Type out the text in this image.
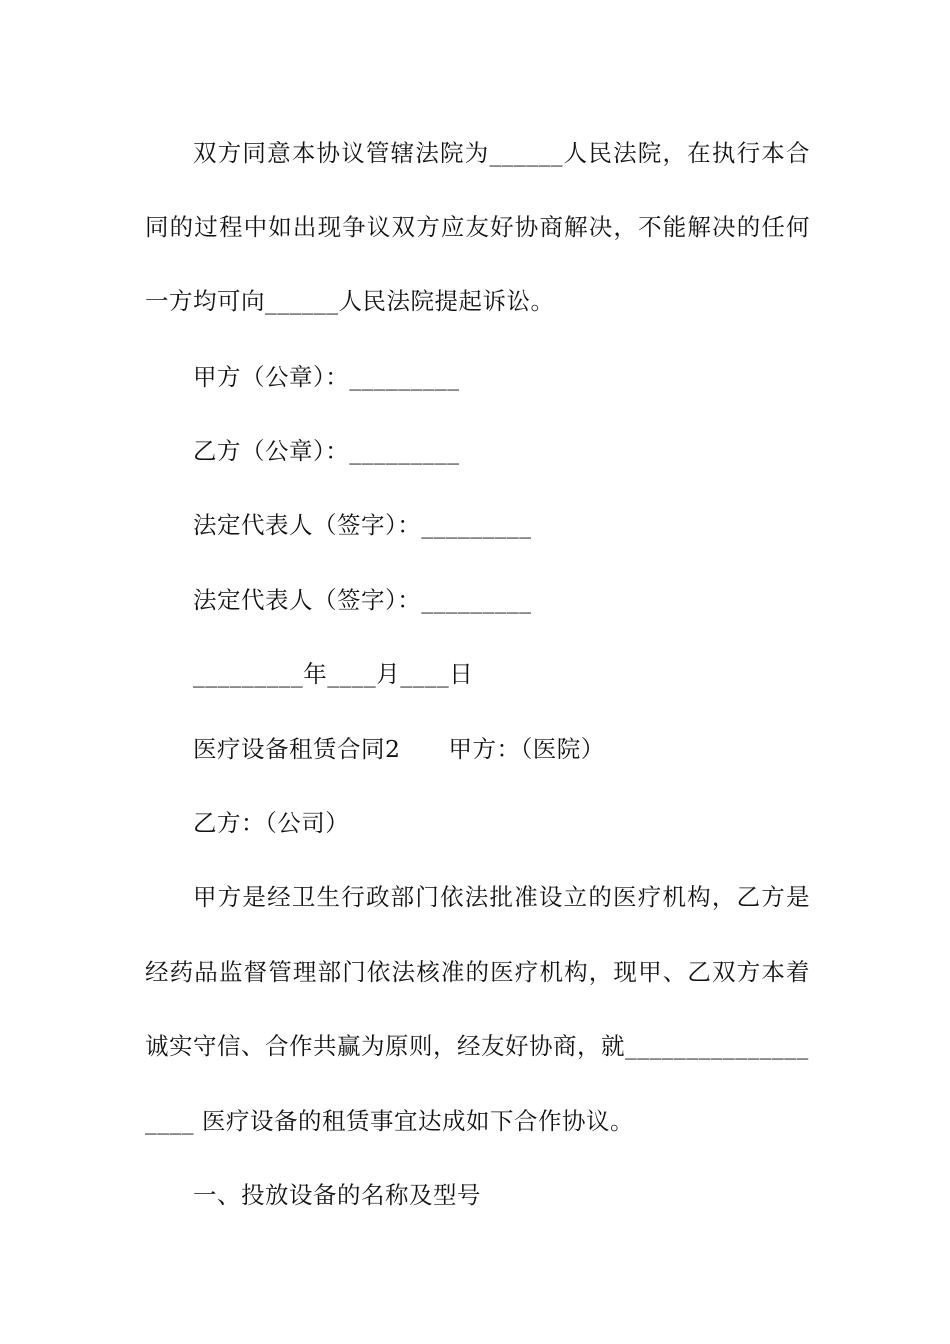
双方同意本协议管辖法院为______人民法院，在执行本合
同的过程中如出现争议双方应友好协商解决，不能解决的任何
一方均可向______人民法院提起诉讼。
甲方（公章）：_________
乙方（公章）：_________
法定代表人（签字）：_________
法定代表人（签字）：_________
_________年____月____日
医疗设备租赁合同2　　甲方：（医院）
乙方：（公司）
甲方是经卫生行政部门依法批准设立的医疗机构，乙方是
经药品监督管理部门依法核准的医疗机构，现甲、乙双方本着
诚实守信、合作共赢为原则，经友好协商，就_______________
____ 医疗设备的租赁事宜达成如下合作协议。
一、投放设备的名称及型号
